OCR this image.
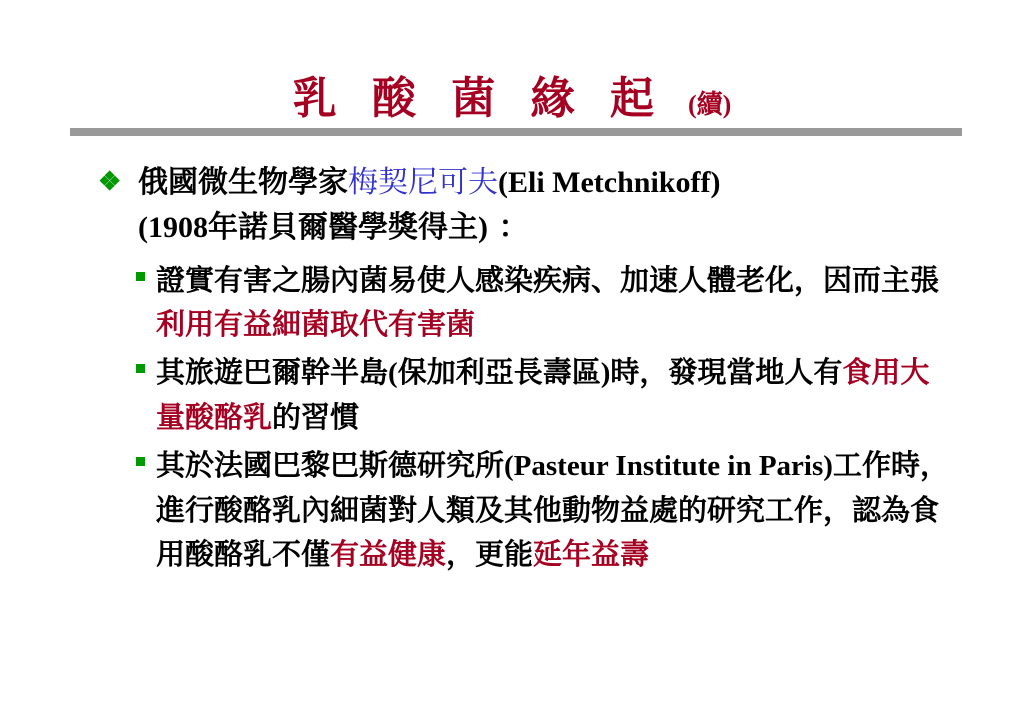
乳 酸 菌 緣 起 (續)
❖ 俄國微生物學家梅契尼可夫(Eli Metchnikoff)
(1908年諾貝爾醫學獎得主) ：
證實有害之腸內菌易使人感染疾病、加速人體老化，因而主張利用有益細菌取代有害菌
其旅遊巴爾幹半島(保加利亞長壽區)時，發現當地人有食用大量酸酪乳的習慣
其於法國巴黎巴斯德研究所(Pasteur Institute in Paris)工作時，進行酸酪乳內細菌對人類及其他動物益處的研究工作，認為食用酸酪乳不僅有益健康，更能延年益壽
